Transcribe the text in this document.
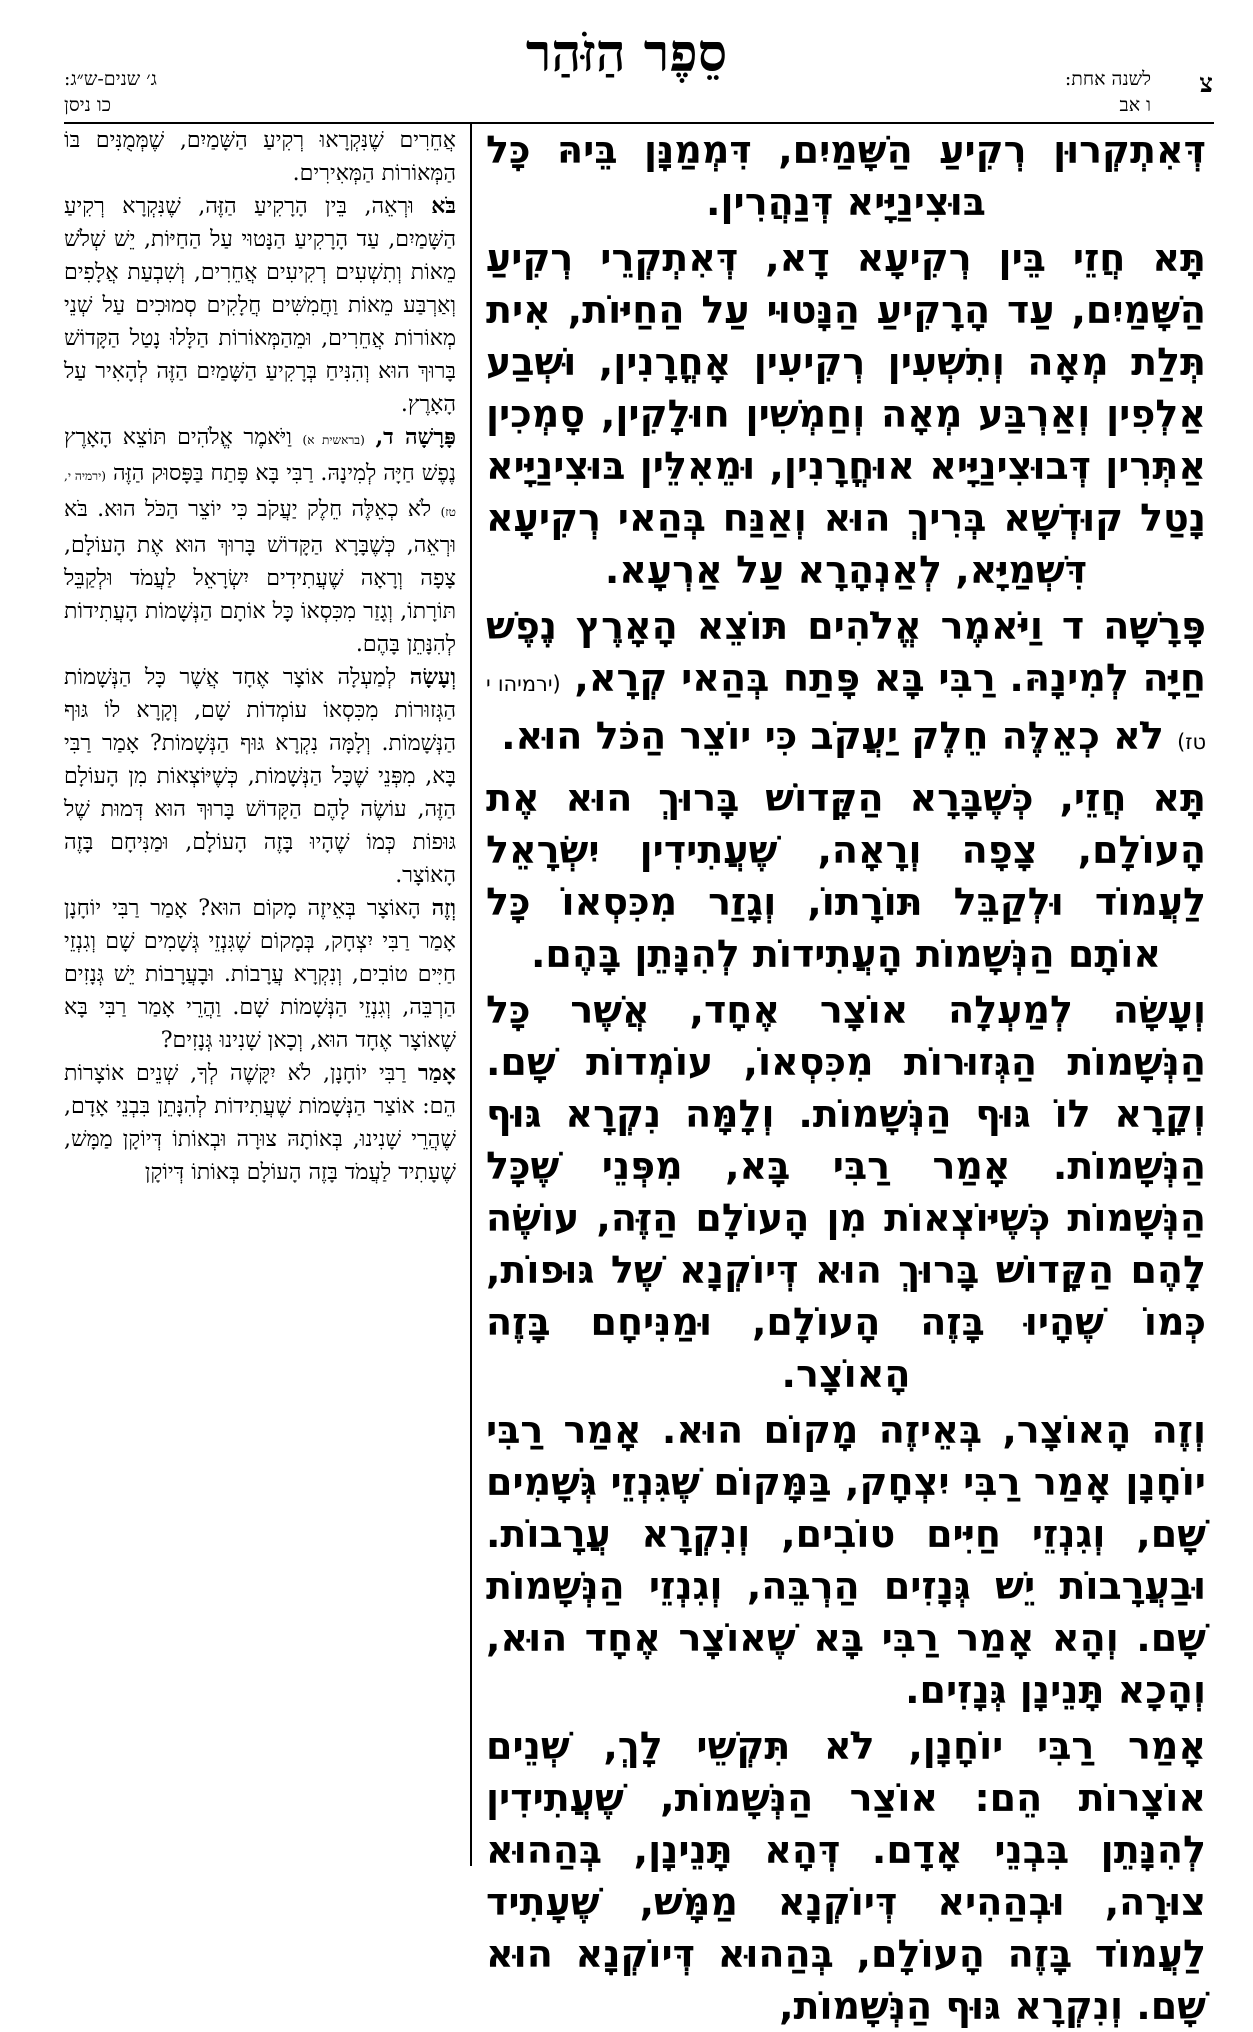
צ
לשנה אחת:
ו אב
סֵפֶר הַזֹּהַר
ג׳ שנים-ש״ג:
כו ניסן

דְּאִתְקְרוּן רְקִיעַ הַשָּׁמַיִם, דִּמְמַנָּן בֵּיהּ כָּל בּוּצִינַיָּיא דְּנַהֲרִין.

תָּא חֲזֵי בֵּין רְקִיעָא דָא, דְּאִתְקְרֵי רְקִיעַ הַשָּׁמַיִם, עַד הָרָקִיעַ הַנָּטוּי עַל הַחַיּוֹת, אִית תְּלַת מְאָה וְתִשְׁעִין רְקִיעִין אָחֳרָנִין, וּשְׁבַע אַלְפִין וְאַרְבַּע מְאָה וְחַמְשִׁין חוּלָקִין, סָמְכִין אַתְּרִין דְּבוּצִינַיָּיא אוּחֳרָנִין, וּמֵאִלֵּין בּוּצִינַיָּיא נָטַל קוּדְשָׁא בְּרִיךְ הוּא וְאַנַּח בְּהַאי רְקִיעָא דִּשְׁמַיָּא, לְאַנְהָרָא עַל אַרְעָא.

פָּרָשָׁה ד וַיֹּאמֶר אֱלֹהִים תּוֹצֵא הָאָרֶץ נֶפֶשׁ חַיָּה לְמִינָהּ. רַבִּי בָּא פָּתַח בְּהַאי קְרָא, (ירמיהו י טז) לֹא כְאֵלֶּה חֵלֶק יַעֲקֹב כִּי יוֹצֵר הַכֹּל הוּא.

תָּא חֲזֵי, כְּשֶׁבָּרָא הַקָּדוֹשׁ בָּרוּךְ הוּא אֶת הָעוֹלָם, צָפָה וְרָאָה, שֶׁעֲתִידִין יִשְׂרָאֵל לַעֲמוֹד וּלְקַבֵּל תּוֹרָתוֹ, וְגָזַר מִכִּסְאוֹ כָּל אוֹתָם הַנְּשָׁמוֹת הָעֲתִידוֹת לְהִנָּתֵן בָּהֶם.

וְעָשָׂה לְמַעְלָה אוֹצָר אֶחָד, אֲשֶׁר כָּל הַנְּשָׁמוֹת הַגְּזוּרוֹת מִכִּסְאוֹ, עוֹמְדוֹת שָׁם. וְקָרָא לוֹ גּוּף הַנְּשָׁמוֹת. וְלָמָּה נִקְרָא גּוּף הַנְּשָׁמוֹת. אָמַר רַבִּי בָּא, מִפְּנֵי שֶׁכָּל הַנְּשָׁמוֹת כְּשֶׁיּוֹצְאוֹת מִן הָעוֹלָם הַזֶּה, עוֹשֶׂה לָהֶם הַקָּדוֹשׁ בָּרוּךְ הוּא דְּיוֹקְנָא שֶׁל גּוּפוֹת, כְּמוֹ שֶׁהָיוּ בָּזֶה הָעוֹלָם, וּמַנִּיחָם בָּזֶה הָאוֹצָר.

וְזֶה הָאוֹצָר, בְּאֵיזֶה מָקוֹם הוּא. אָמַר רַבִּי יוֹחָנָן אָמַר רַבִּי יִצְחָק, בַּמָּקוֹם שֶׁגִּנְזֵי גְּשָׁמִים שָׁם, וְגִנְזֵי חַיִּים טוֹבִים, וְנִקְרָא עֲרָבוֹת. וּבַעֲרָבוֹת יֵשׁ גְּנָזִים הַרְבֵּה, וְגִנְזֵי הַנְּשָׁמוֹת שָׁם. וְהָא אָמַר רַבִּי בָּא שֶׁאוֹצָר אֶחָד הוּא, וְהָכָא תָּנֵינָן גְּנָזִים.

אָמַר רַבִּי יוֹחָנָן, לֹא תִּקְשֵׁי לָךְ, שְׁנֵים אוֹצָרוֹת הֵם: אוֹצַר הַנְּשָׁמוֹת, שֶׁעֲתִידִין לְהִנָּתֵן בִּבְנֵי אָדָם. דְּהָא תָּנֵינָן, בְּהַהוּא צוּרָה, וּבְהַהִיא דְּיוֹקְנָא מַמָּשׁ, שֶׁעָתִיד לַעֲמוֹד בָּזֶה הָעוֹלָם, בְּהַהוּא דְּיוֹקְנָא הוּא שָׁם. וְנִקְרָא גּוּף הַנְּשָׁמוֹת,

אֲחֵרִים שֶׁנִּקְרָאוּ רְקִיעַ הַשָּׁמַיִם, שֶׁמְּמֻנִּים בּוֹ הַמְּאוֹרוֹת הַמְּאִירִים.

בֹּא וּרְאֵה, בֵּין הָרָקִיעַ הַזֶּה, שֶׁנִּקְרָא רְקִיעַ הַשָּׁמַיִם, עַד הָרָקִיעַ הַנָּטוּי עַל הַחַיּוֹת, יֵשׁ שְׁלֹשׁ מֵאוֹת וְתִשְׁעִים רְקִיעִים אֲחֵרִים, וְשִׁבְעַת אֲלָפִים וְאַרְבַּע מֵאוֹת וַחֲמִשִּׁים חֲלָקִים סְמוּכִים עַל שְׁנֵי מְאוֹרוֹת אֲחֵרִים, וּמֵהַמְּאוֹרוֹת הַלָּלוּ נָטַל הַקָּדוֹשׁ בָּרוּךְ הוּא וְהִנִּיחַ בְּרָקִיעַ הַשָּׁמַיִם הַזֶּה לְהָאִיר עַל הָאָרֶץ.

פָּרָשָׁה ד, (בראשית א) וַיֹּאמֶר אֱלֹהִים תּוֹצֵא הָאָרֶץ נֶפֶשׁ חַיָּה לְמִינָהּ. רַבִּי בָּא פָּתַח בַּפָּסוּק הַזֶּה (ירמיה י, טז) לֹא כְאֵלֶּה חֵלֶק יַעֲקֹב כִּי יוֹצֵר הַכֹּל הוּא. בֹּא וּרְאֵה, כְּשֶׁבָּרָא הַקָּדוֹשׁ בָּרוּךְ הוּא אֶת הָעוֹלָם, צָפָה וְרָאָה שֶׁעֲתִידִים יִשְׂרָאֵל לַעֲמֹד וּלְקַבֵּל תּוֹרָתוֹ, וְגָזַר מִכִּסְאוֹ כָּל אוֹתָם הַנְּשָׁמוֹת הָעֲתִידוֹת לְהִנָּתֵן בָּהֶם.

וְעָשָׂה לְמַעְלָה אוֹצָר אֶחָד אֲשֶׁר כָּל הַנְּשָׁמוֹת הַגְּזוּרוֹת מִכִּסְאוֹ עוֹמְדוֹת שָׁם, וְקָרָא לוֹ גּוּף הַנְּשָׁמוֹת. וְלָמָּה נִקְרָא גּוּף הַנְּשָׁמוֹת? אָמַר רַבִּי בָּא, מִפְּנֵי שֶׁכָּל הַנְּשָׁמוֹת, כְּשֶׁיּוֹצְאוֹת מִן הָעוֹלָם הַזֶּה, עוֹשֶׂה לָהֶם הַקָּדוֹשׁ בָּרוּךְ הוּא דְּמוּת שֶׁל גּוּפוֹת כְּמוֹ שֶׁהָיוּ בָּזֶה הָעוֹלָם, וּמַנִּיחָם בָּזֶה הָאוֹצָר.

וְזֶה הָאוֹצָר בְּאֵיזֶה מָקוֹם הוּא? אָמַר רַבִּי יוֹחָנָן אָמַר רַבִּי יִצְחָק, בְּמָקוֹם שֶׁגִּנְזֵי גְּשָׁמִים שָׁם וְגִנְזֵי חַיִּים טוֹבִים, וְנִקְרָא עֲרָבוֹת. וּבָעֲרָבוֹת יֵשׁ גְּנָזִים הַרְבֵּה, וְגִנְזֵי הַנְּשָׁמוֹת שָׁם. וַהֲרֵי אָמַר רַבִּי בָּא שֶׁאוֹצָר אֶחָד הוּא, וְכָאן שָׁנִינוּ גְּנָזִים?

אָמַר רַבִּי יוֹחָנָן, לֹא יִקָּשֶׁה לְךָ, שְׁנֵים אוֹצָרוֹת הֵם: אוֹצַר הַנְּשָׁמוֹת שֶׁעֲתִידוֹת לְהִנָּתֵן בִּבְנֵי אָדָם, שֶׁהֲרֵי שָׁנִינוּ, בְּאוֹתָהּ צוּרָה וּבְאוֹתוֹ דְּיוֹקָן מַמָּשׁ, שֶׁעָתִיד לַעֲמֹד בָּזֶה הָעוֹלָם בְּאוֹתוֹ דְּיוֹקָן
